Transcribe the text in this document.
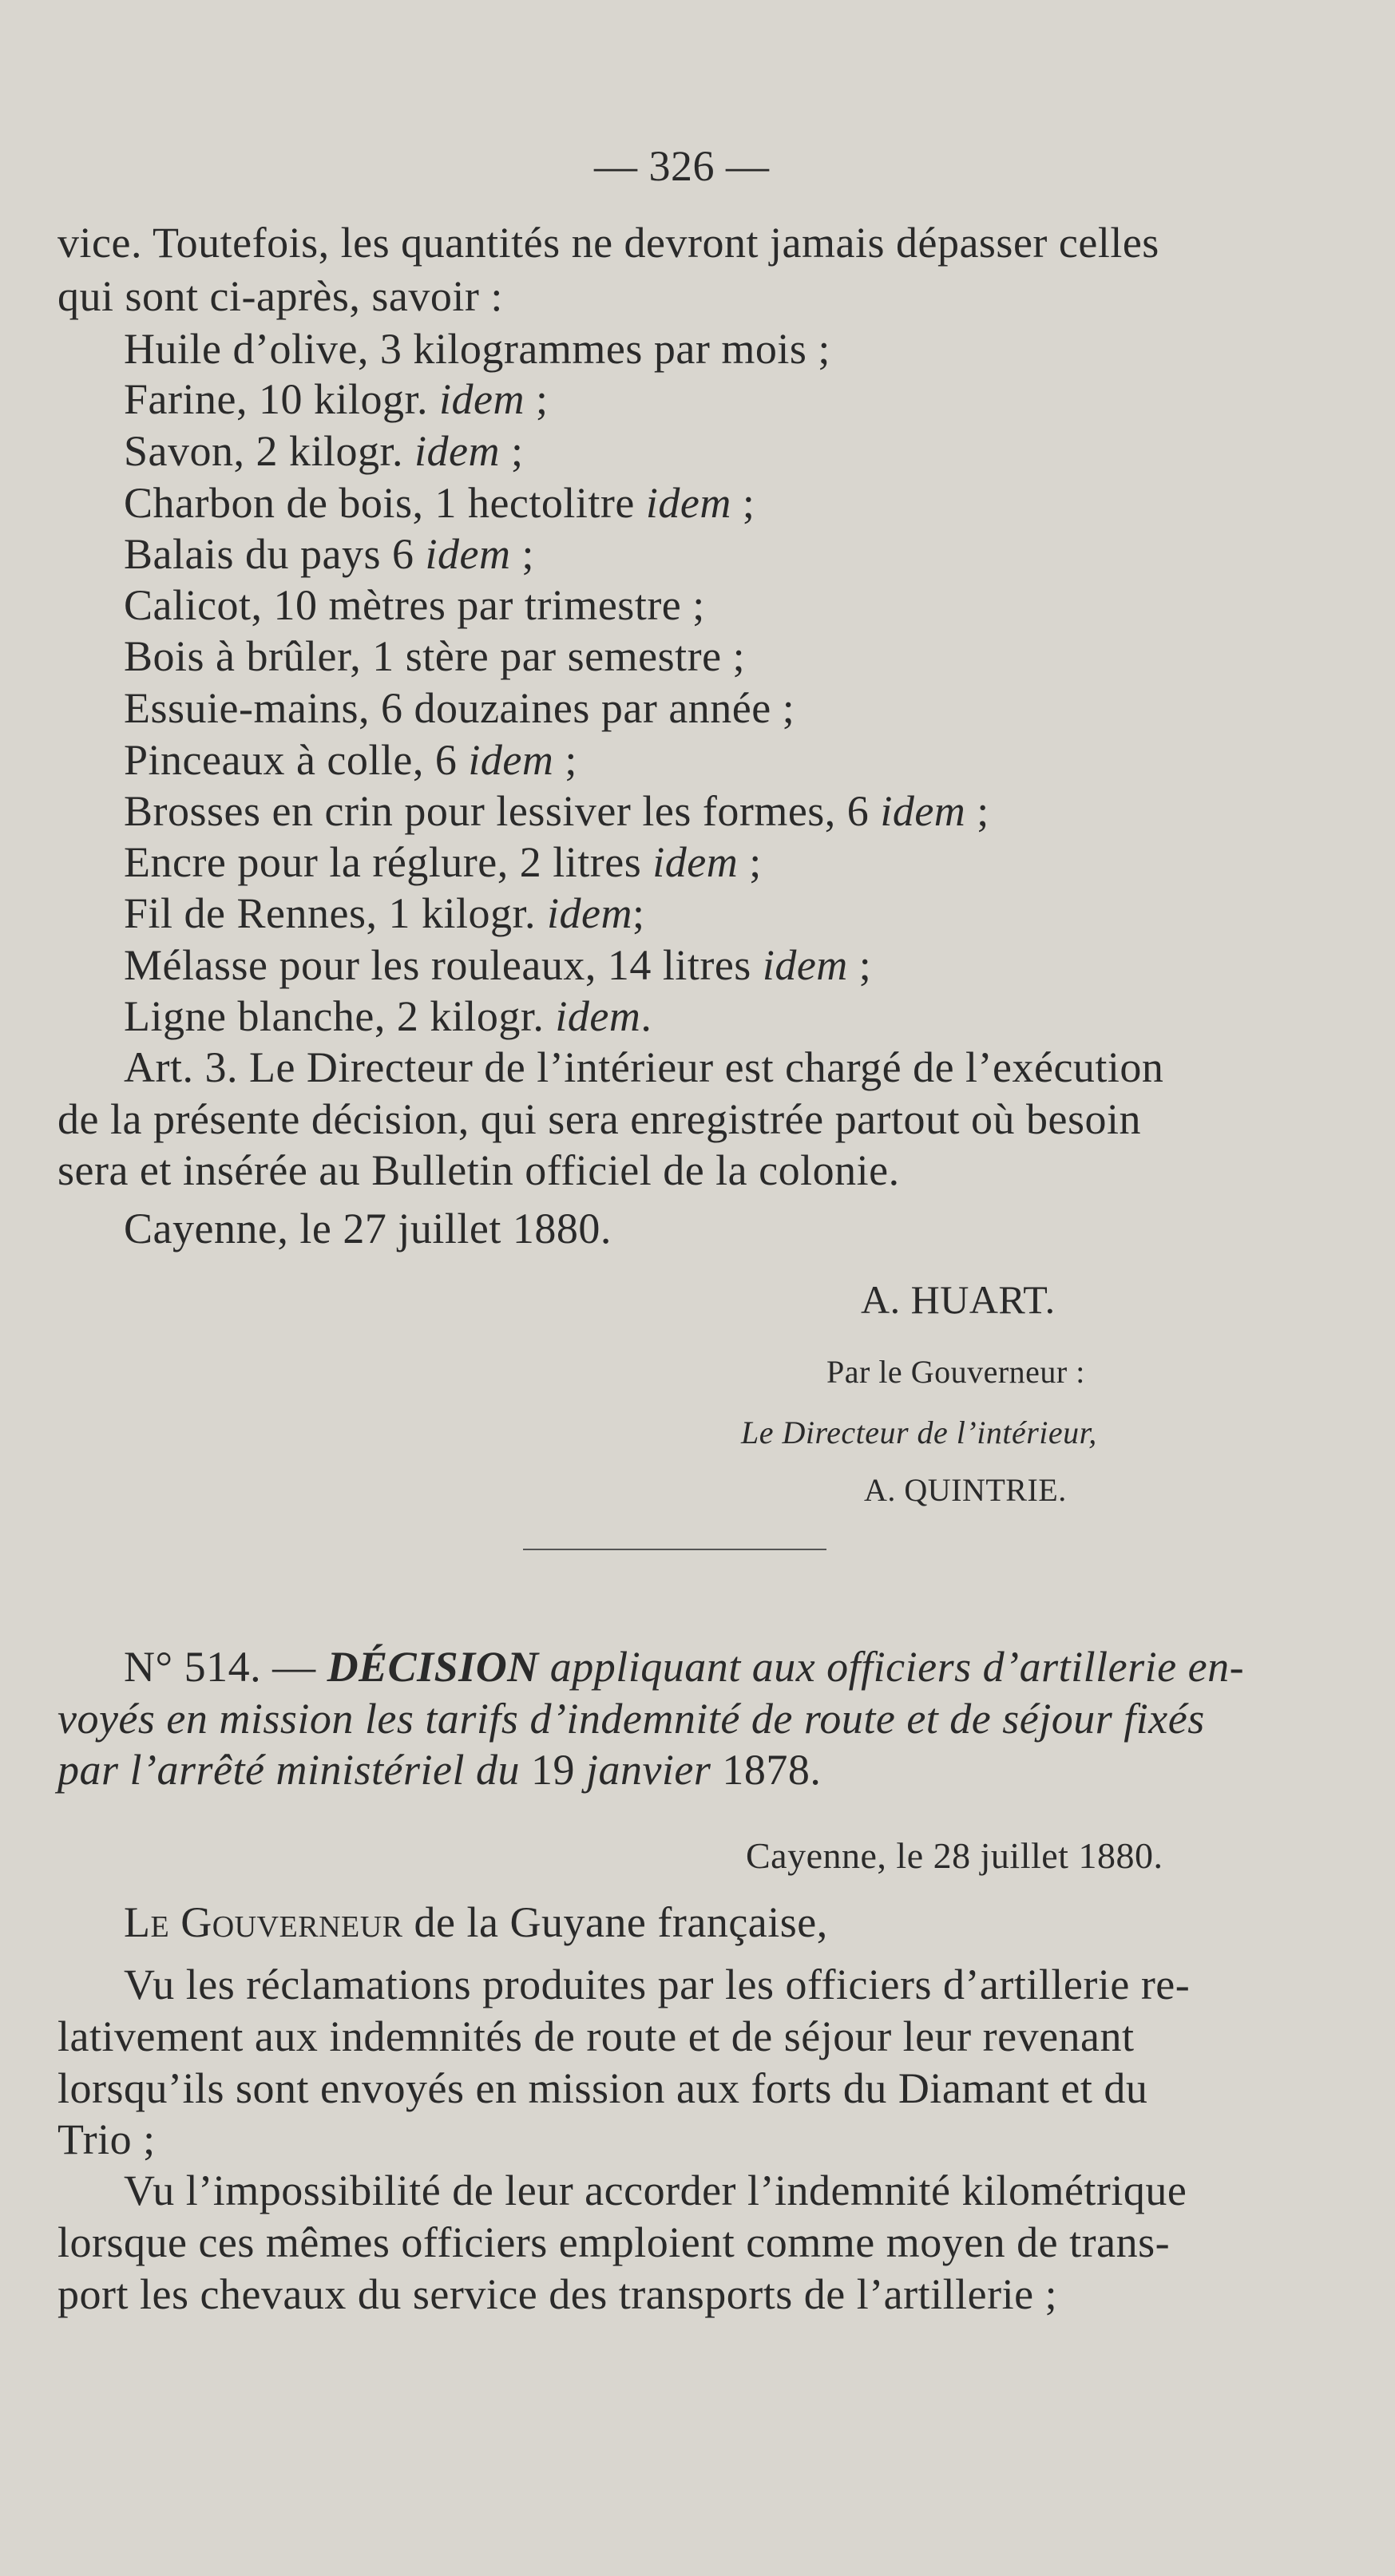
— 326 —
vice. Toutefois, les quantités ne devront jamais dépasser celles
qui sont ci-après, savoir :
Huile d’olive, 3 kilogrammes par mois ;
Farine, 10 kilogr. idem ;
Savon, 2 kilogr. idem ;
Charbon de bois, 1 hectolitre idem ;
Balais du pays 6 idem ;
Calicot, 10 mètres par trimestre ;
Bois à brûler, 1 stère par semestre ;
Essuie-mains, 6 douzaines par année ;
Pinceaux à colle, 6 idem ;
Brosses en crin pour lessiver les formes, 6 idem ;
Encre pour la réglure, 2 litres idem ;
Fil de Rennes, 1 kilogr. idem;
Mélasse pour les rouleaux, 14 litres idem ;
Ligne blanche, 2 kilogr. idem.
Art. 3. Le Directeur de l’intérieur est chargé de l’exécution
de la présente décision, qui sera enregistrée partout où besoin
sera et insérée au Bulletin officiel de la colonie.
Cayenne, le 27 juillet 1880.
A. HUART.
Par le Gouverneur :
Le Directeur de l’intérieur,
A. QUINTRIE.
N° 514. — DÉCISION appliquant aux officiers d’artillerie en-
voyés en mission les tarifs d’indemnité de route et de séjour fixés
par l’arrêté ministériel du 19 janvier 1878.
Cayenne, le 28 juillet 1880.
Le Gouverneur de la Guyane française,
Vu les réclamations produites par les officiers d’artillerie re-
lativement aux indemnités de route et de séjour leur revenant
lorsqu’ils sont envoyés en mission aux forts du Diamant et du
Trio ;
Vu l’impossibilité de leur accorder l’indemnité kilométrique
lorsque ces mêmes officiers emploient comme moyen de trans-
port les chevaux du service des transports de l’artillerie ;
